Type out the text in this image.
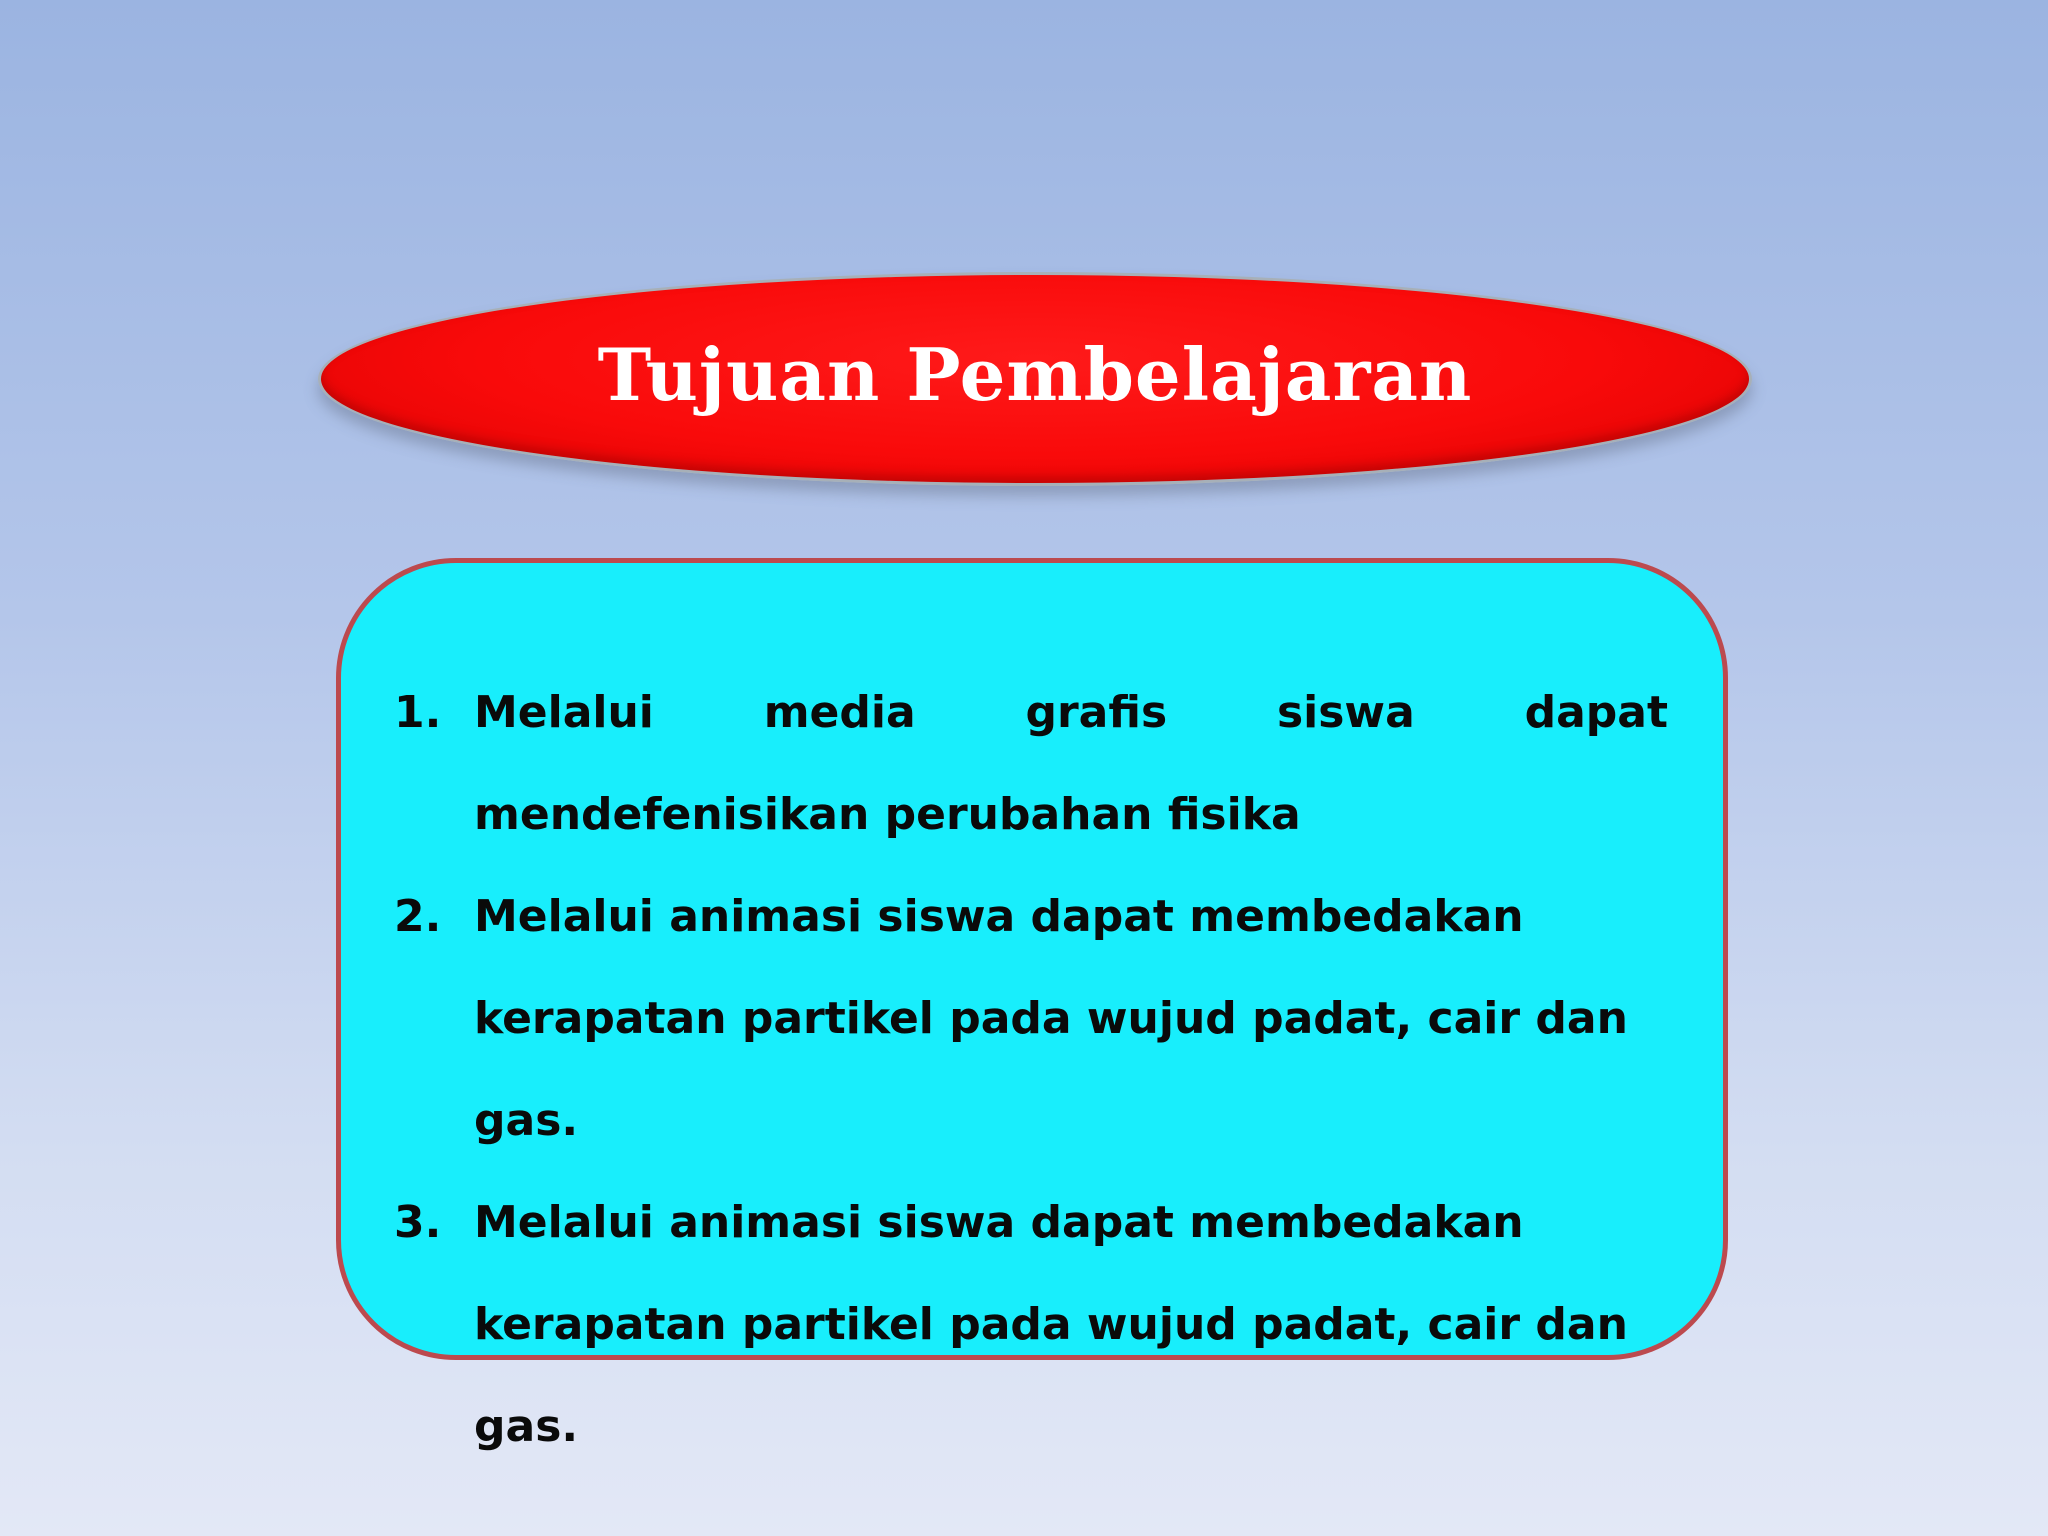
Tujuan Pembelajaran
1. Melalui media grafis siswa dapat mendefenisikan perubahan fisika
2. Melalui animasi siswa dapat membedakan kerapatan partikel pada wujud padat, cair dan gas.
3. Melalui animasi siswa dapat membedakan kerapatan partikel pada wujud padat, cair dan gas.
